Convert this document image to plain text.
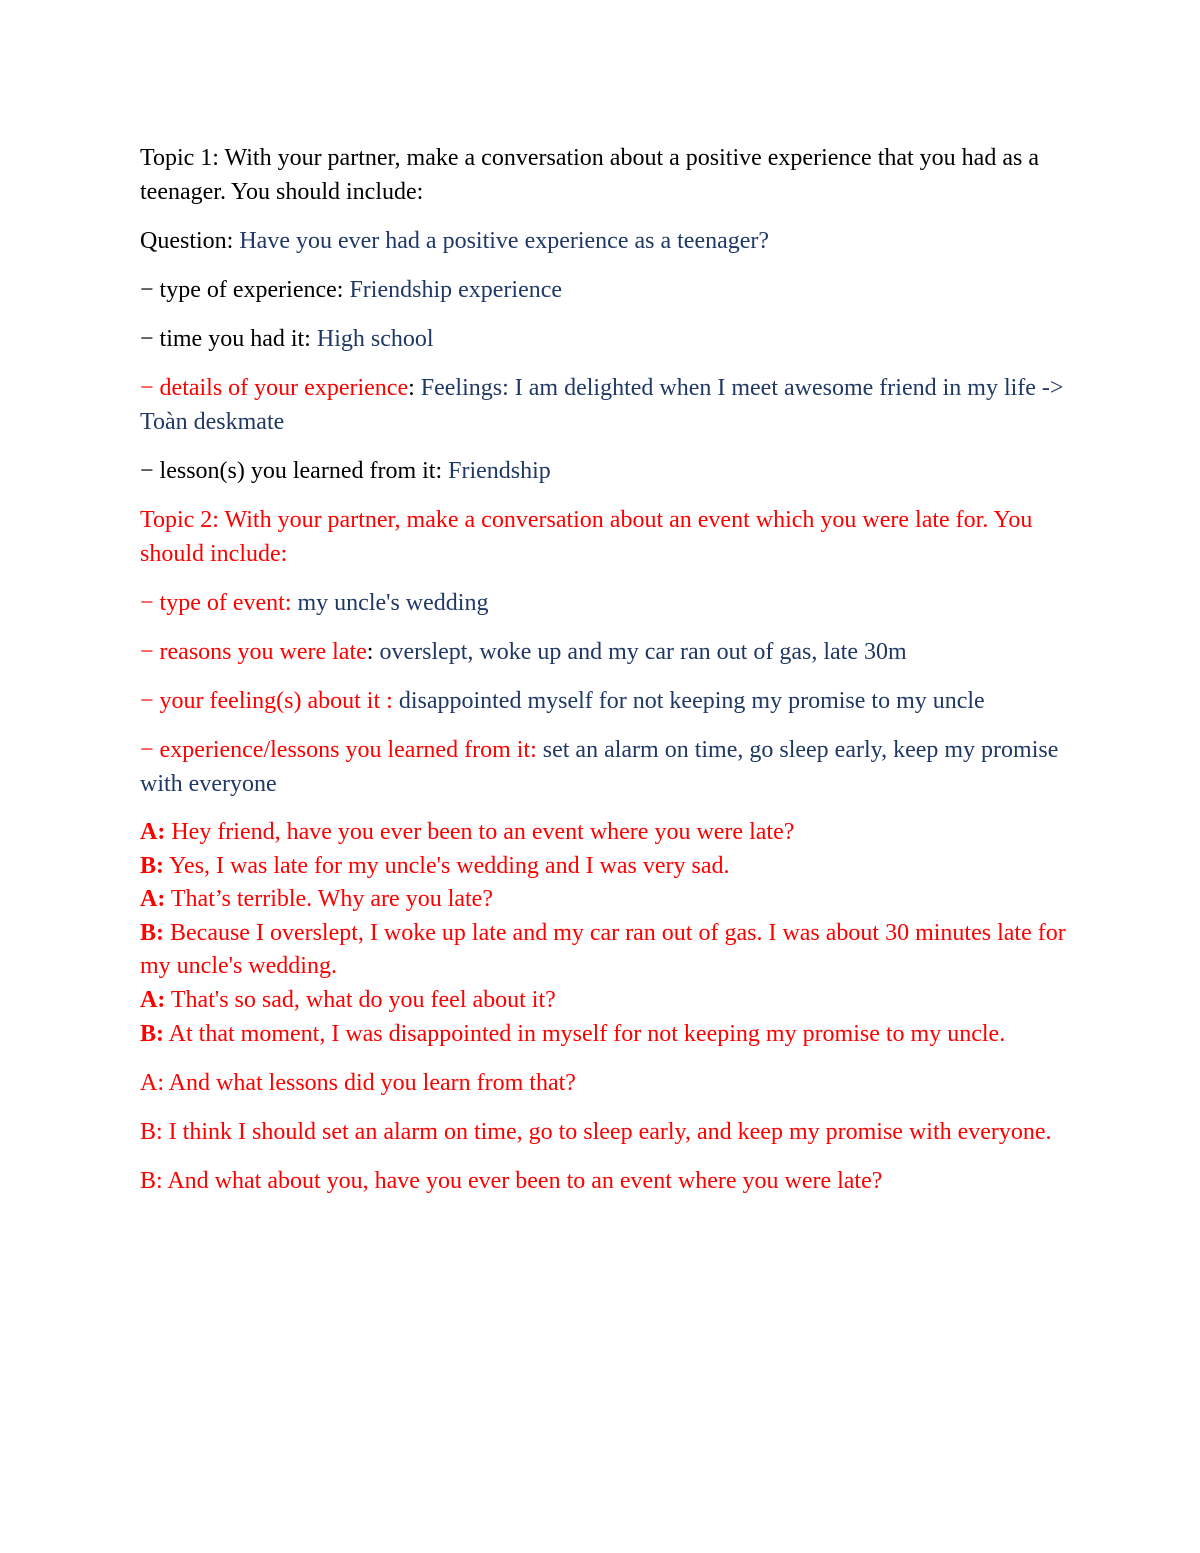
Topic 1: With your partner, make a conversation about a positive experience that you had as a teenager. You should include:

Question: Have you ever had a positive experience as a teenager?

− type of experience: Friendship experience

− time you had it: High school

− details of your experience: Feelings: I am delighted when I meet awesome friend in my life -> Toàn deskmate

− lesson(s) you learned from it: Friendship

Topic 2: With your partner, make a conversation about an event which you were late for. You should include:

− type of event: my uncle's wedding

− reasons you were late: overslept, woke up and my car ran out of gas, late 30m

− your feeling(s) about it : disappointed myself for not keeping my promise to my uncle

− experience/lessons you learned from it: set an alarm on time, go sleep early, keep my promise with everyone

A: Hey friend, have you ever been to an event where you were late?
B: Yes, I was late for my uncle's wedding and I was very sad.
A: That’s terrible. Why are you late?
B: Because I overslept, I woke up late and my car ran out of gas. I was about 30 minutes late for my uncle's wedding.
A: That's so sad, what do you feel about it?
B: At that moment, I was disappointed in myself for not keeping my promise to my uncle.

A: And what lessons did you learn from that?

B: I think I should set an alarm on time, go to sleep early, and keep my promise with everyone.

B: And what about you, have you ever been to an event where you were late?
